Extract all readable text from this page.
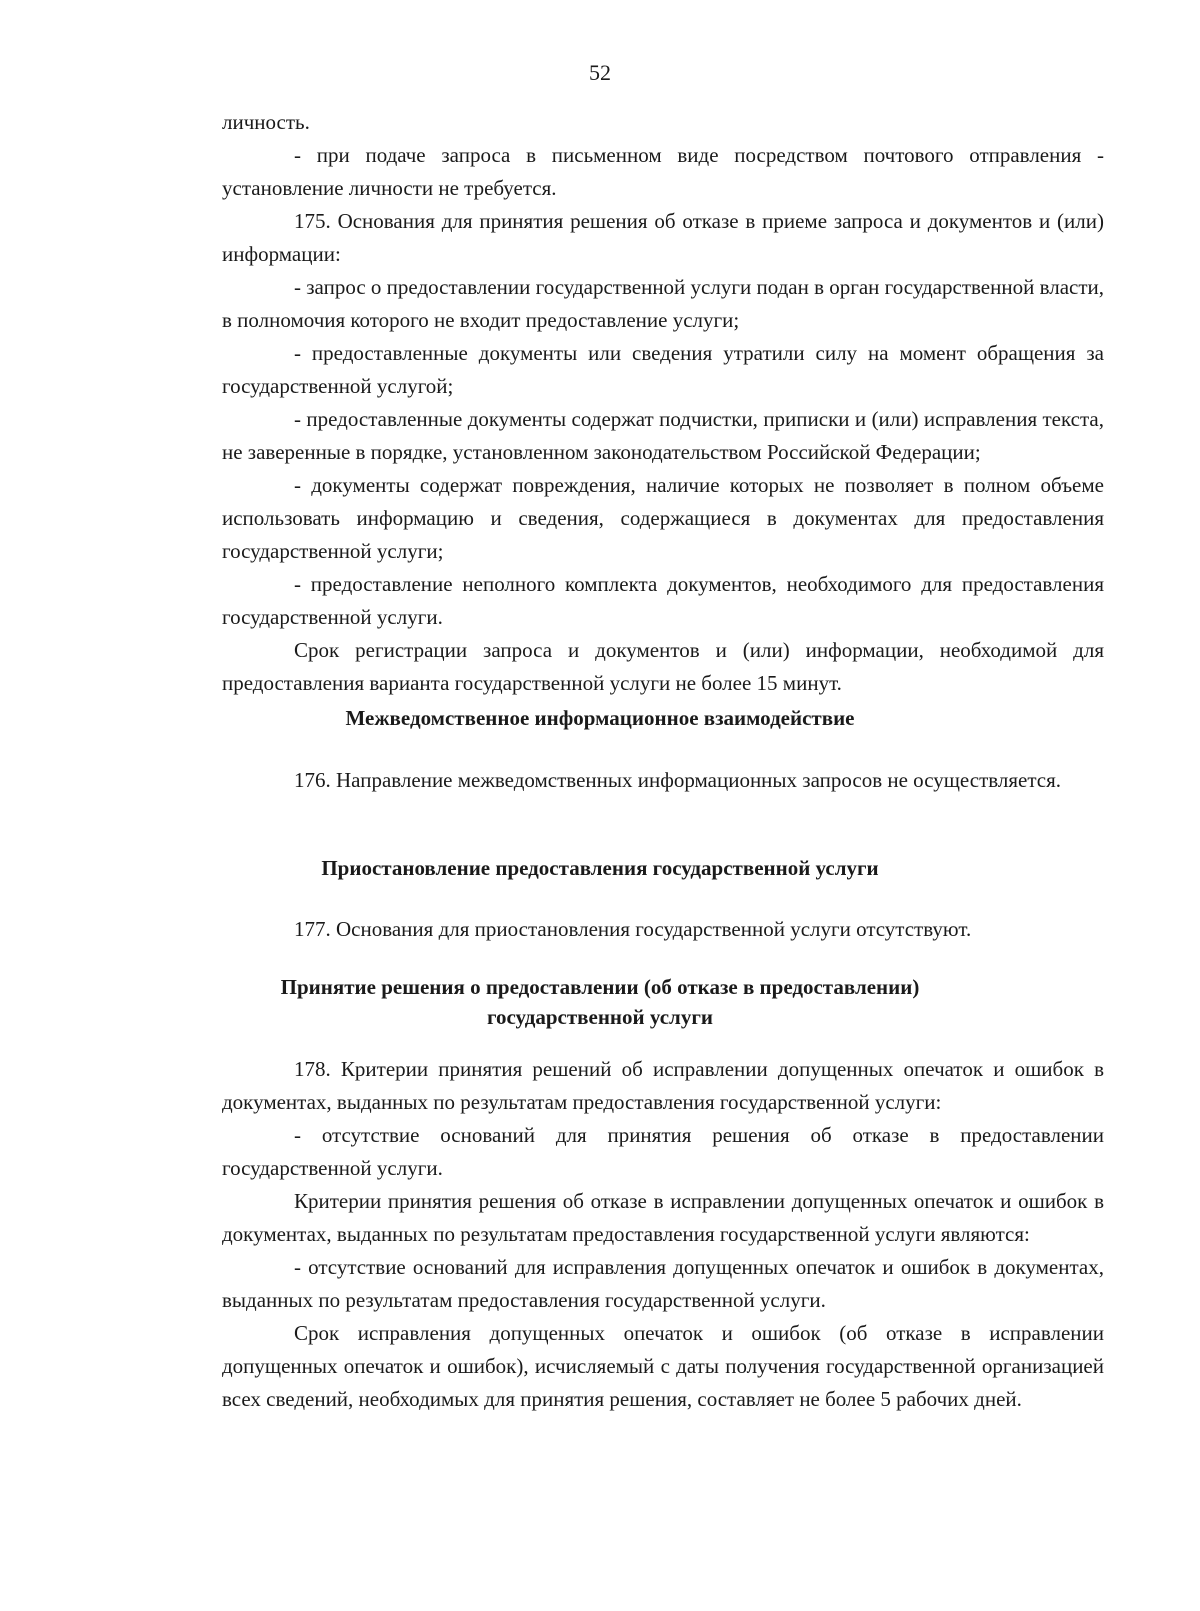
52

личность.

- при подаче запроса в письменном виде посредством почтового отправления - установление личности не требуется.

175. Основания для принятия решения об отказе в приеме запроса и документов и (или) информации:

- запрос о предоставлении государственной услуги подан в орган государственной власти, в полномочия которого не входит предоставление услуги;

- предоставленные документы или сведения утратили силу на момент обращения за государственной услугой;

- предоставленные документы содержат подчистки, приписки и (или) исправления текста, не заверенные в порядке, установленном законодательством Российской Федерации;

- документы содержат повреждения, наличие которых не позволяет в полном объеме использовать информацию и сведения, содержащиеся в документах для предоставления государственной услуги;

- предоставление неполного комплекта документов, необходимого для предоставления государственной услуги.

Срок регистрации запроса и документов и (или) информации, необходимой для предоставления варианта государственной услуги не более 15 минут.

Межведомственное информационное взаимодействие

176. Направление межведомственных информационных запросов не осуществляется.

Приостановление предоставления государственной услуги

177. Основания для приостановления государственной услуги отсутствуют.

Принятие решения о предоставлении (об отказе в предоставлении)
государственной услуги

178. Критерии принятия решений об исправлении допущенных опечаток и ошибок в документах, выданных по результатам предоставления государственной услуги:

- отсутствие оснований для принятия решения об отказе в предоставлении государственной услуги.

Критерии принятия решения об отказе в исправлении допущенных опечаток и ошибок в документах, выданных по результатам предоставления государственной услуги являются:

- отсутствие оснований для исправления допущенных опечаток и ошибок в документах, выданных по результатам предоставления государственной услуги.

Срок исправления допущенных опечаток и ошибок (об отказе в исправлении допущенных опечаток и ошибок), исчисляемый с даты получения государственной организацией всех сведений, необходимых для принятия решения, составляет не более 5 рабочих дней.
